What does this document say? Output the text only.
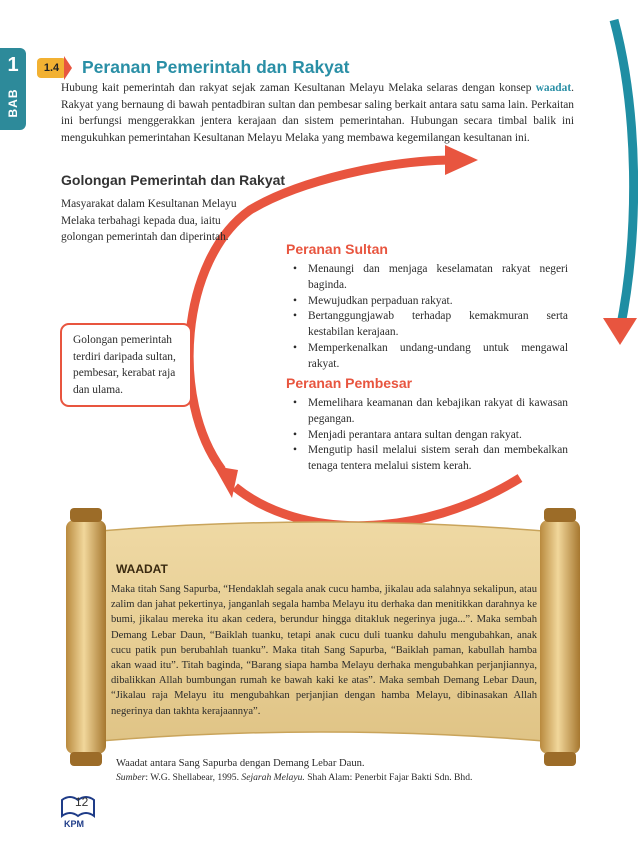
1
BAB
1.4	Peranan Pemerintah dan Rakyat
Hubung kait pemerintah dan rakyat sejak zaman Kesultanan Melayu Melaka selaras dengan konsep waadat. Rakyat yang bernaung di bawah pentadbiran sultan dan pembesar saling berkait antara satu sama lain. Perkaitan ini berfungsi menggerakkan jentera kerajaan dan sistem pemerintahan. Hubungan secara timbal balik ini mengukuhkan pemerintahan Kesultanan Melayu Melaka yang membawa kegemilangan kesultanan ini.
Golongan Pemerintah dan Rakyat
Masyarakat dalam Kesultanan Melayu Melaka terbahagi kepada dua, iaitu golongan pemerintah dan diperintah.
Golongan pemerintah terdiri daripada sultan, pembesar, kerabat raja dan ulama.
Peranan Sultan
• Menaungi dan menjaga keselamatan rakyat negeri baginda.
• Mewujudkan perpaduan rakyat.
• Bertanggungjawab terhadap kemakmuran serta kestabilan kerajaan.
• Memperkenalkan undang-undang untuk mengawal rakyat.
Peranan Pembesar
• Memelihara keamanan dan kebajikan rakyat di kawasan pegangan.
• Menjadi perantara antara sultan dengan rakyat.
• Mengutip hasil melalui sistem serah dan membekalkan tenaga tentera melalui sistem kerah.
WAADAT
Maka titah Sang Sapurba, “Hendaklah segala anak cucu hamba, jikalau ada salahnya sekalipun, atau zalim dan jahat pekertinya, janganlah segala hamba Melayu itu derhaka dan menitikkan darahnya ke bumi, jikalau mereka itu akan cedera, berundur hingga ditakluk negerinya juga...”. Maka sembah Demang Lebar Daun, “Baiklah tuanku, tetapi anak cucu duli tuanku dahulu mengubahkan, anak cucu patik pun berubahlah tuanku”. Maka titah Sang Sapurba, “Baiklah paman, kabullah hamba akan waad itu”. Titah baginda, “Barang siapa hamba Melayu derhaka mengubahkan perjanjiannya, dibalikkan Allah bumbungan rumah ke bawah kaki ke atas”. Maka sembah Demang Lebar Daun, “Jikalau raja Melayu itu mengubahkan perjanjian dengan hamba Melayu, dibinasakan Allah negerinya dan takhta kerajaannya”.
Waadat antara Sang Sapurba dengan Demang Lebar Daun.
Sumber: W.G. Shellabear, 1995. Sejarah Melayu. Shah Alam: Penerbit Fajar Bakti Sdn. Bhd.
12
KPM
